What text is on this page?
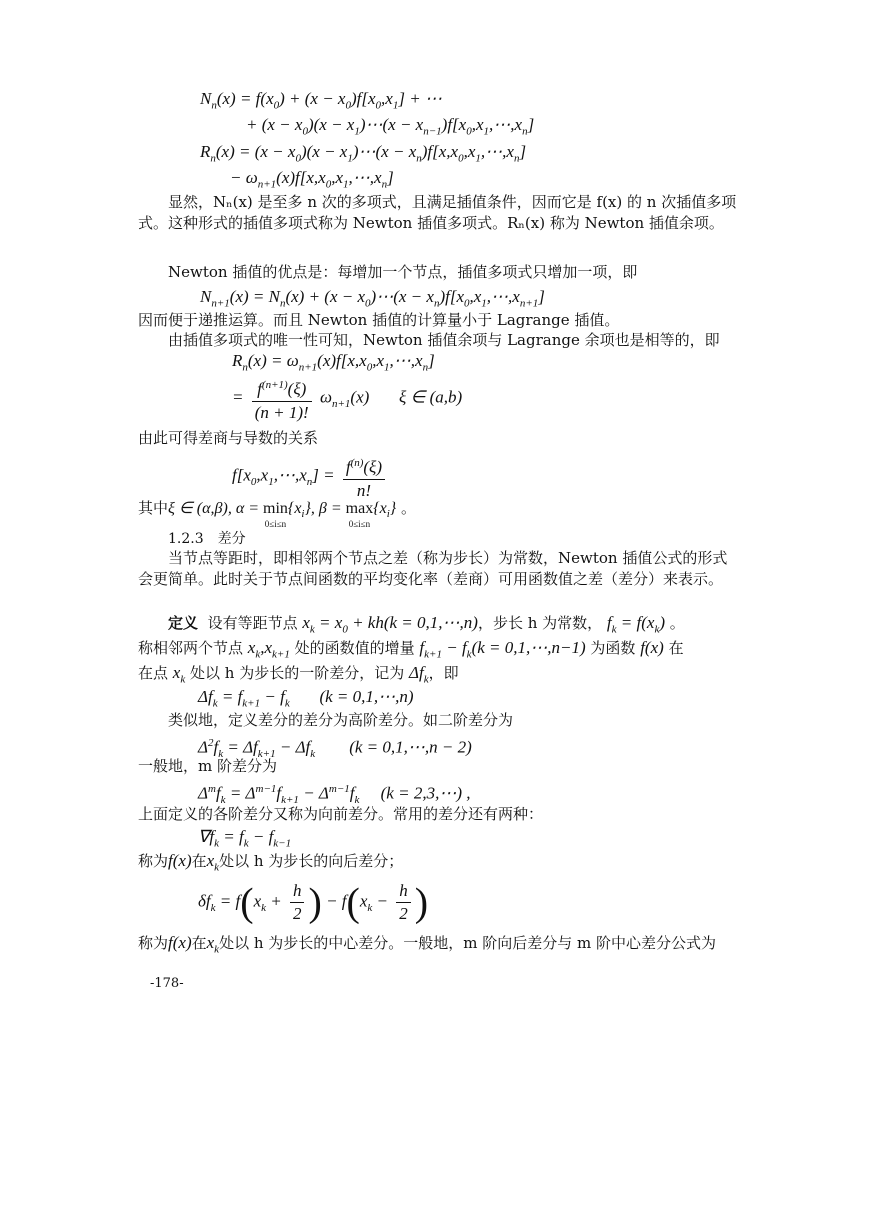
$N_n(x) = f(x_0) + (x - x_0)f[x_0,x_1]$ + ⋯
+ $(x - x_0)(x$ − $x_1)\cdots(x$ − $x_{n-1})f[x_0,x_1,\cdots,x_n]$
$R_n(x) = (x - x_0)(x$ − $x_1)\cdots(x$ − $x_n)f[x,x_0,x_1,\cdots,x_n]$
− $\omega_{n+1}(x)f[x,x_0,x_1,\cdots,x_n]$
显然，Nₙ(x) 是至多 n 次的多项式，且满足插值条件，因而它是 f(x) 的 n 次插值多项式。这种形式的插值多项式称为 Newton 插值多项式。Rₙ(x) 称为 Newton 插值余项。
Newton 插值的优点是：每增加一个节点，插值多项式只增加一项，即
$N_{n+1}(x) = N_n(x) + (x$ − $x_0)\cdots(x$ − $x_n)f[x_0,x_1,\cdots,x_{n+1}]$
因而便于递推运算。而且 Newton 插值的计算量小于 Lagrange 插值。
由插值多项式的唯一性可知，Newton 插值余项与 Lagrange 余项也是相等的，即
$R_n(x)$ = $\omega_{n+1}(x)f[x,x_0,x_1,\cdots,x_n]$
= $\frac{f^{(n+1)}(\xi)}{(n + 1)!} \omega_{n+1}(x)$       ξ ∈ (a,b)
由此可得差商与导数的关系
$f[x_0,x_1,\cdots,x_n] = \frac{f^{(n)}(\xi)}{n!}$
其中ξ ∈ (α,β), α = min
0≤i≤n
$\{x_i\}$, β = max
0≤i≤n
$\{x_i\}$ 。
1.2.3　差分
当节点等距时，即相邻两个节点之差（称为步长）为常数，Newton 插值公式的形式会更简单。此时关于节点间函数的平均变化率（差商）可用函数值之差（差分）来表示。
定义 设有等距节点 $x_k = x_0 + kh(k$ = 0,1,⋯,n)，步长 h 为常数， $f_k = f(x_k)$ 。
称相邻两个节点 $x_k,x_{k+1}$ 处的函数值的增量 $f_{k+1} - f_k(k$ = 0,1,⋯,n−1) 为函数 f(x) 在
在点 $x_k$ 处以 h 为步长的一阶差分，记为 $\Delta f_k$，即
$\Delta f_k = f_{k+1} - f_k$       (k = 0,1,⋯,n)
类似地，定义差分的差分为高阶差分。如二阶差分为
$\Delta^2f_k = \Delta f_{k+1} - \Delta f_k$        (k = 0,1,⋯,n − 2)
一般地，m 阶差分为
$\Delta^mf_k = \Delta^{m-1}f_{k+1} - \Delta^{m-1}f_k$     (k = 2,3,⋯) ,
上面定义的各阶差分又称为向前差分。常用的差分还有两种：
$\nabla f_k = f_k - f_{k-1}$
称为f(x)在$x_k$处以 h 为步长的向后差分；
$\delta f_k = f(x_k + \frac{h}{2}$ ) − $f(x_k - \frac{h}{2}$ )
称为f(x)在$x_k$处以 h 为步长的中心差分。一般地，m 阶向后差分与 m 阶中心差分公式为
-178-
